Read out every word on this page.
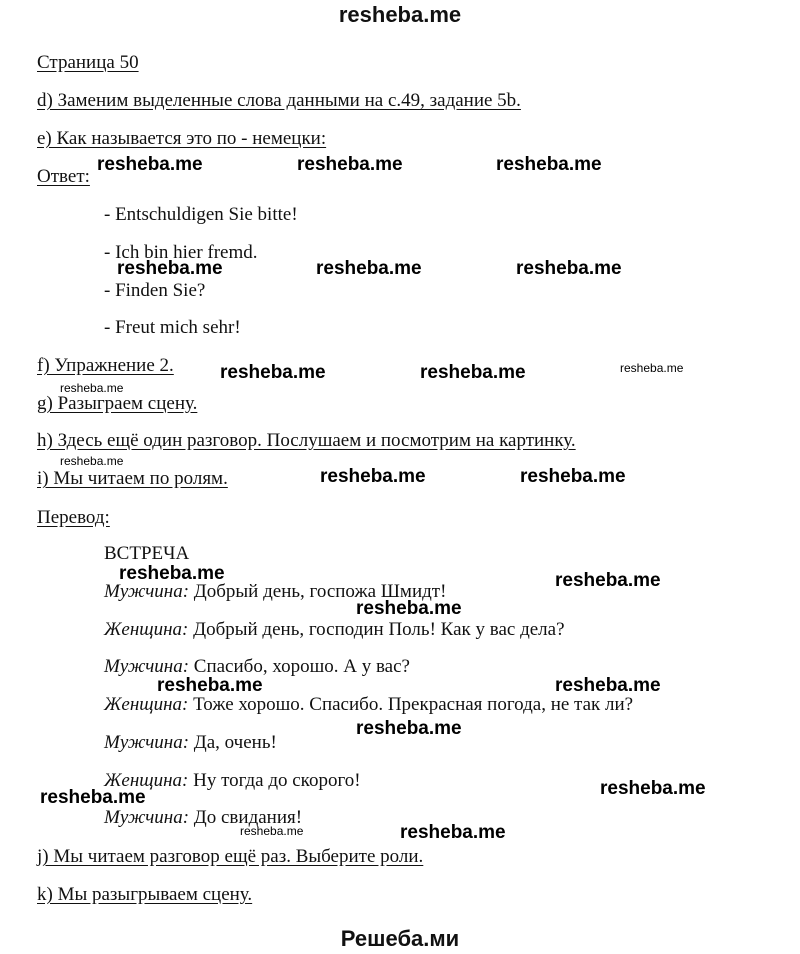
resheba.me
Страница 50
d) Заменим выделенные слова данными на с.49, задание 5b.
e) Как называется это по - немецки:
Ответ:
- Entschuldigen Sie bitte!
- Ich bin hier fremd.
- Finden Sie?
- Freut mich sehr!
f) Упражнение 2.
g) Разыграем сцену.
h) Здесь ещё один разговор. Послушаем и посмотрим на картинку.
i) Мы читаем по ролям.
Перевод:
ВСТРЕЧА
Мужчина: Добрый день, госпожа Шмидт!
Женщина: Добрый день, господин Поль! Как у вас дела?
Мужчина: Спасибо, хорошо. А у вас?
Женщина: Тоже хорошо. Спасибо. Прекрасная погода, не так ли?
Мужчина: Да, очень!
Женщина: Ну тогда до скорого!
Мужчина: До свидания!
j) Мы читаем разговор ещё раз. Выберите роли.
k) Мы разыгрываем сцену.
Решеба.ми
resheba.me	resheba.me	resheba.me
resheba.me	resheba.me	resheba.me
resheba.me	resheba.me	resheba.me
resheba.me
resheba.me
resheba.me	resheba.me
resheba.me	resheba.me
resheba.me
resheba.me	resheba.me
resheba.me
resheba.me	resheba.me
resheba.me	resheba.me
